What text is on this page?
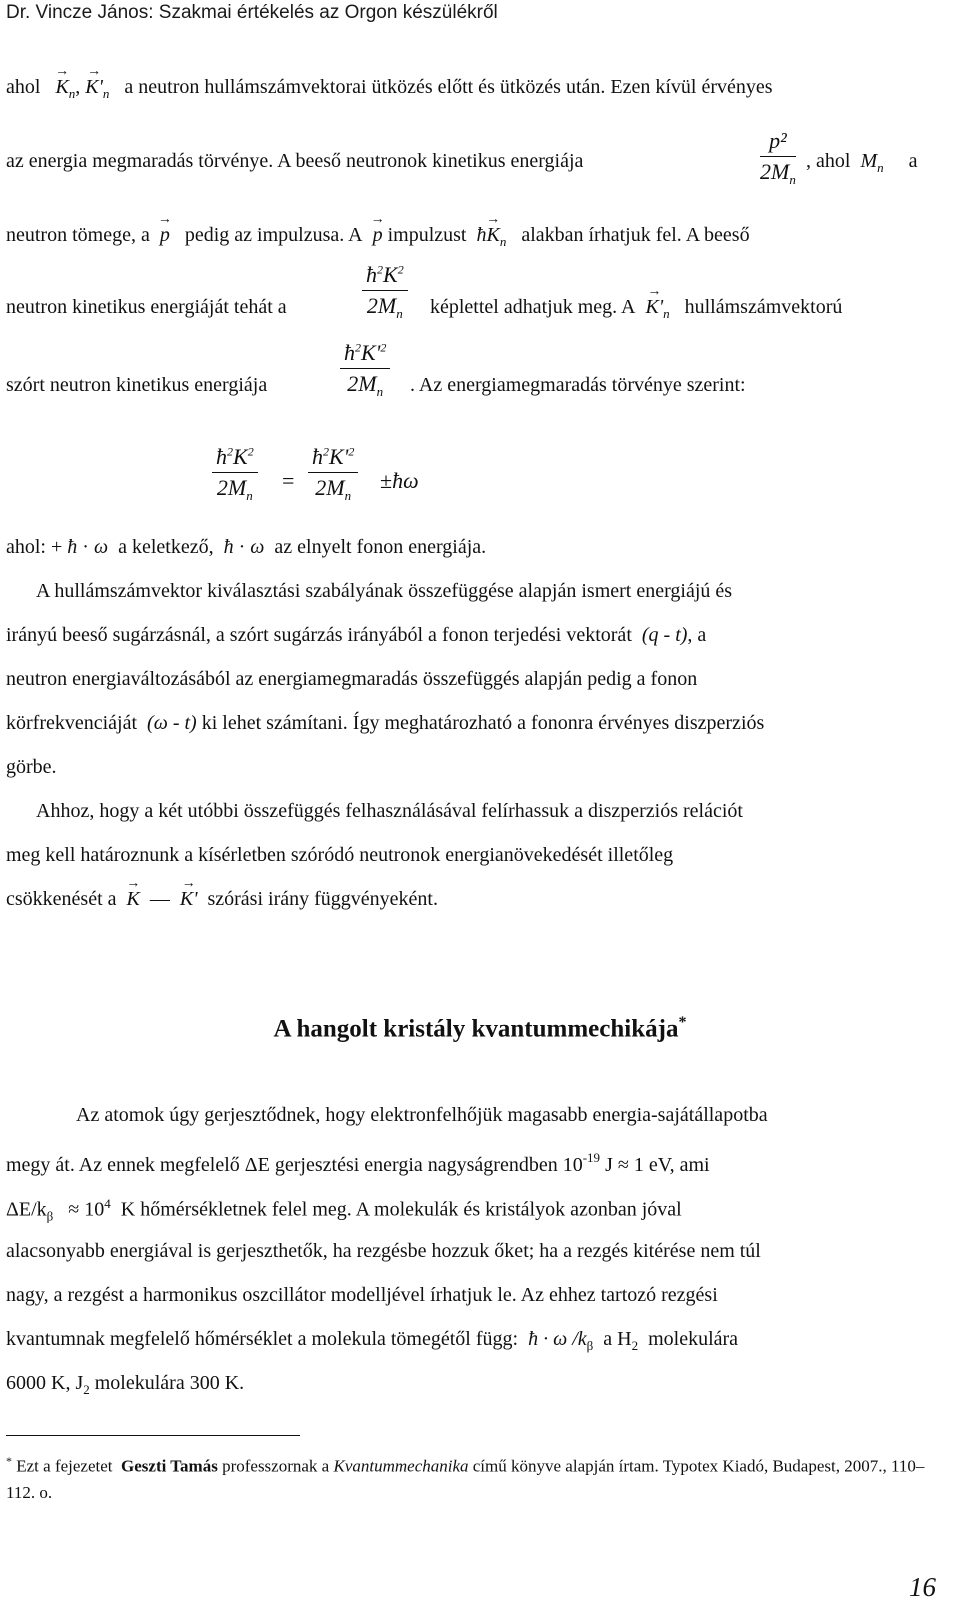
Dr. Vincze János: Szakmai értékelés az Orgon készülékről
ahol → $K_n$, → $K'_n$ a neutron hullámszámvektorai ütközés előtt és ütközés után. Ezen kívül érvényes
az energia megmaradás törvénye. A beeső neutronok kinetikus energiája
p²
$2M_n$
, ahol $M_n$ a
neutron tömege, a → p pedig az impulzusa. A → p impulzust ħ→ $K_n$ alakban írhatjuk fel. A beeső
neutron kinetikus energiáját tehát a
$ħ^2K^2$
$2M_n$ képlettel adhatjuk meg. $A \to K'_n$ hullámszámvektorú
szórt neutron kinetikus energiája
$ħ^2K'^2$
$2M_n$	. Az energiamegmaradás törvénye szerint:
$ħ^2K^2$
$2M_n$
=
$ħ^2K'^2$
$2M_n$
±ħω
ahol: + ħ · ω a keletkező, ħ · ω az elnyelt fonon energiája.
A hullámszámvektor kiválasztási szabályának összefüggése alapján ismert energiájú és
irányú beeső sugárzásnál, a szórt sugárzás irányából a fonon terjedési vektorát (q - t), a
neutron energiaváltozásából az energiamegmaradás összefüggés alapján pedig a fonon
körfrekvenciáját (ω - t) ki lehet számítani. Így meghatározható a fononra érvényes diszperziós
görbe.
Ahhoz, hogy a két utóbbi összefüggés felhasználásával felírhassuk a diszperziós relációt
meg kell határoznunk a kísérletben szóródó neutronok energianövekedését illetőleg
csökkenését a → K  —  → K' szórási irány függvényeként.
A hangolt kristály kvantummechikája*
Az atomok úgy gerjesztődnek, hogy elektronfelhőjük magasabb energia-sajátállapotba
megy át. Az ennek megfelelő ΔE gerjesztési energia nagyságrendben $10^{-19}$ J ≈ 1 eV, ami
$\Delta E/k_\beta \approx 10^4$ K hőmérsékletnek felel meg. A molekulák és kristályok azonban jóval
alacsonyabb energiával is gerjeszthetők, ha rezgésbe hozzuk őket; ha a rezgés kitérése nem túl
nagy, a rezgést a harmonikus oszcillátor modelljével írhatjuk le. Az ehhez tartozó rezgési
kvantumnak megfelelő hőmérséklet a molekula tömegétől függ: ħ · ω $/k_\beta$ a $H_2$ molekulára
6000 K, $J_2$ molekulára 300 K.
* Ezt a fejezetet Geszti Tamás professzornak a Kvantummechanika című könyve alapján írtam. Typotex Kiadó, Budapest, 2007., 110–112. o.
16
